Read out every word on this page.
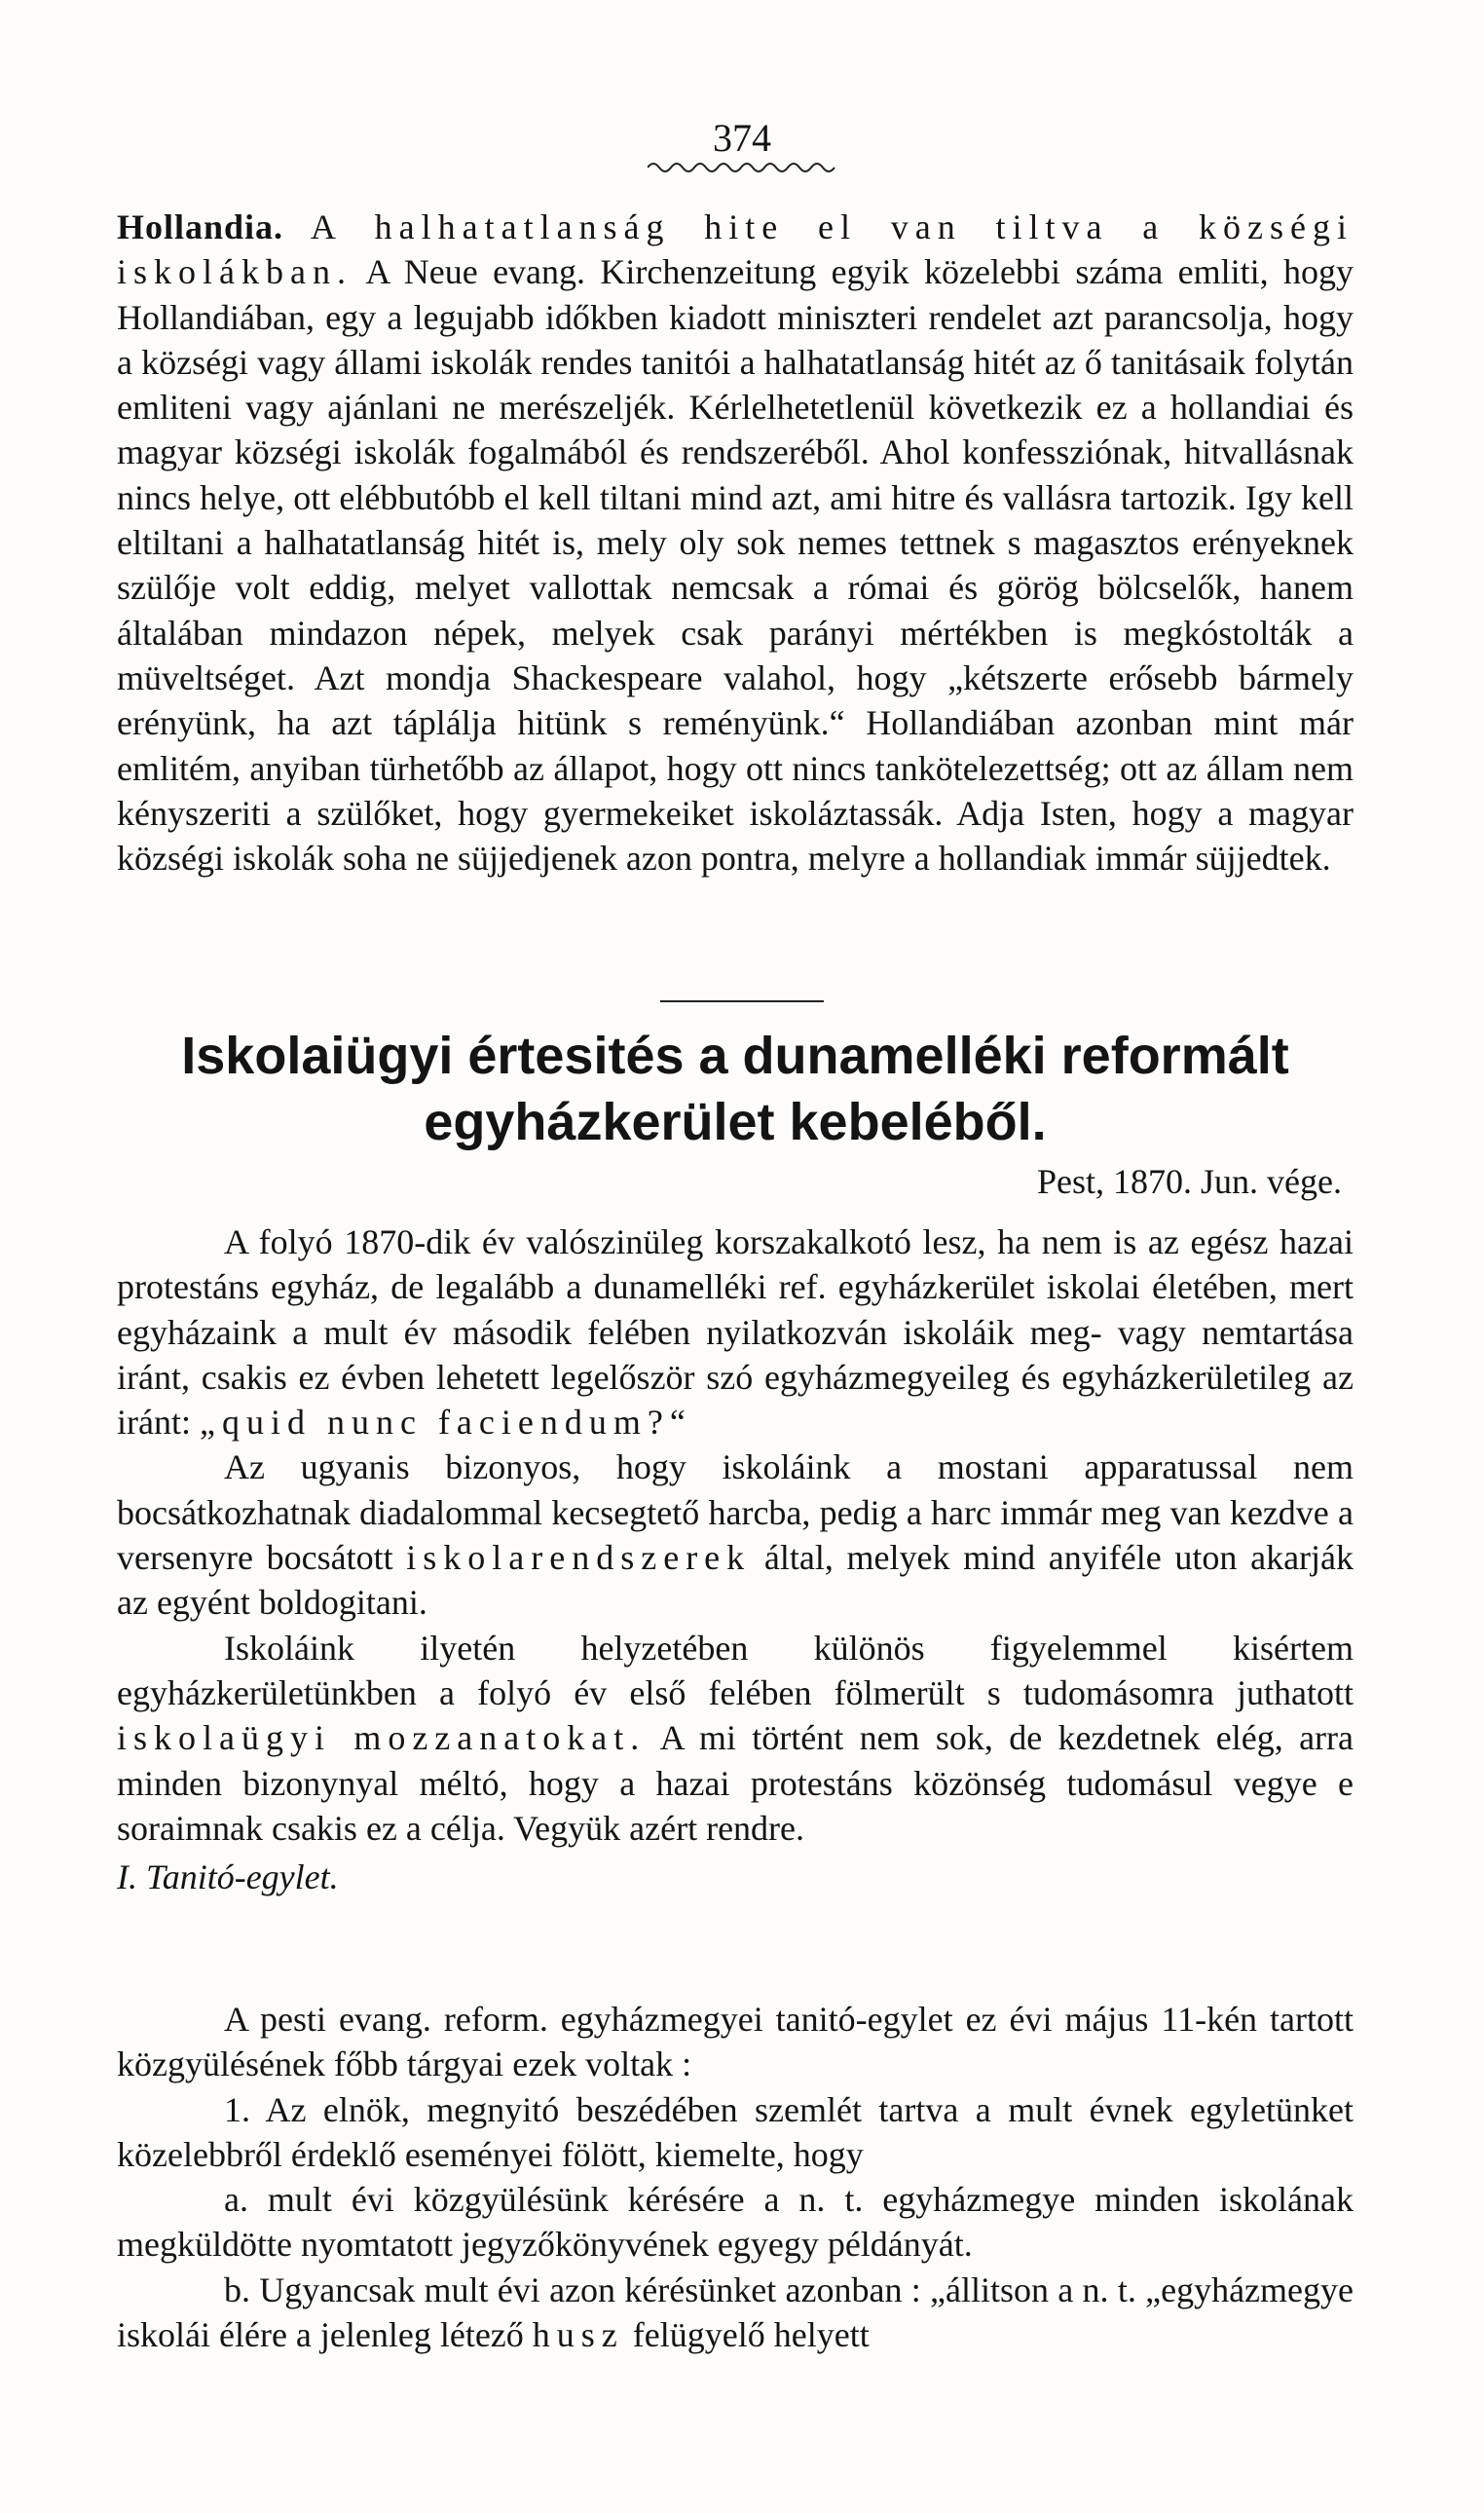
374

Hollandia. A halhatatlanság hite el van tiltva a községi iskolákban. A Neue evang. Kirchenzeitung egyik közelebbi száma emliti, hogy Hollandiában, egy a legujabb időkben kiadott miniszteri rendelet azt parancsolja, hogy a községi vagy állami iskolák rendes tanitói a halhatatlanság hitét az ő tanitásaik folytán emliteni vagy ajánlani ne merészeljék. Kérlelhetetlenül következik ez a hollandiai és magyar községi iskolák fogalmából és rendszeréből. Ahol konfessziónak, hitvallásnak nincs helye, ott elébbutóbb el kell tiltani mind azt, ami hitre és vallásra tartozik. Igy kell eltiltani a halhatatlanság hitét is, mely oly sok nemes tettnek s magasztos erényeknek szülője volt eddig, melyet vallottak nemcsak a római és görög bölcselők, hanem általában mindazon népek, melyek csak parányi mértékben is megkóstolták a müveltséget. Azt mondja Shackespeare valahol, hogy „kétszerte erősebb bármely erényünk, ha azt táplálja hitünk s reményünk.“ Hollandiában azonban mint már emlitém, anyiban türhetőbb az állapot, hogy ott nincs tankötelezettség; ott az állam nem kényszeriti a szülőket, hogy gyermekeiket iskoláztassák. Adja Isten, hogy a magyar községi iskolák soha ne süjjedjenek azon pontra, melyre a hollandiak immár süjjedtek.

Iskolaiügyi értesités a dunamelléki reformált egyházkerület kebeléből.
Pest, 1870. Jun. vége.

A folyó 1870-dik év valószinüleg korszakalkotó lesz, ha nem is az egész hazai protestáns egyház, de legalább a dunamelléki ref. egyházkerület iskolai életében, mert egyházaink a mult év második felében nyilatkozván iskoláik meg- vagy nemtartása iránt, csakis ez évben lehetett legelőször szó egyházmegyeileg és egyházkerületileg az iránt: „quid nunc faciendum?“

Az ugyanis bizonyos, hogy iskoláink a mostani apparatussal nem bocsátkozhatnak diadalommal kecsegtető harcba, pedig a harc immár meg van kezdve a versenyre bocsátott iskolarendszerek által, melyek mind anyiféle uton akarják az egyént boldogitani.

Iskoláink ilyetén helyzetében különös figyelemmel kisértem egyházkerületünkben a folyó év első felében fölmerült s tudomásomra juthatott iskolaügyi mozzanatokat. A mi történt nem sok, de kezdetnek elég, arra minden bizonynyal méltó, hogy a hazai protestáns közönség tudomásul vegye e soraimnak csakis ez a célja. Vegyük azért rendre.

I. Tanitó-egylet.

A pesti evang. reform. egyházmegyei tanitó-egylet ez évi május 11-kén tartott közgyülésének főbb tárgyai ezek voltak :

1. Az elnök, megnyitó beszédében szemlét tartva a mult évnek egyletünket közelebbről érdeklő eseményei fölött, kiemelte, hogy

a. mult évi közgyülésünk kérésére a n. t. egyházmegye minden iskolának megküldötte nyomtatott jegyzőkönyvének egyegy példányát.

b. Ugyancsak mult évi azon kérésünket azonban : „állitson a n. t. „egyházmegye iskolái élére a jelenleg létező husz felügyelő helyett
